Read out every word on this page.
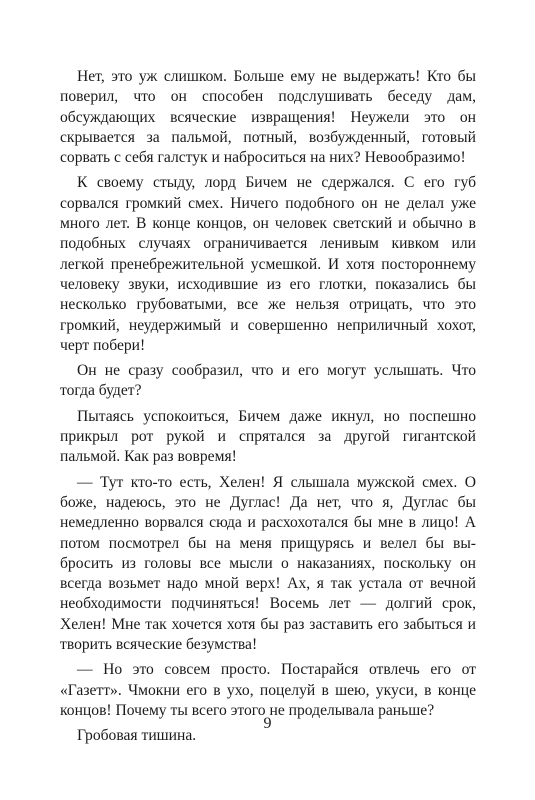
Нет, это уж слишком. Больше ему не выдержать! Кто бы поверил, что он способен подслушивать беседу дам, обсуждающих всяческие извращения! Неужели это он скрывается за пальмой, потный, возбужденный, готовый сорвать с себя галстук и наброситься на них? Невообразимо!

К своему стыду, лорд Бичем не сдержался. С его губ сорвался громкий смех. Ничего подобного он не делал уже много лет. В конце концов, он человек светский и обычно в подобных случаях ограничивается ленивым кивком или легкой пренебрежительной усмешкой. И хотя постороннему человеку звуки, исходившие из его глотки, показались бы несколько грубоватыми, все же нельзя отрицать, что это громкий, неудержимый и совершенно неприличный хохот, черт побери!

Он не сразу сообразил, что и его могут услышать. Что тогда будет?

Пытаясь успокоиться, Бичем даже икнул, но поспешно прикрыл рот рукой и спрятался за другой гигантской пальмой. Как раз вовремя!

— Тут кто-то есть, Хелен! Я слышала мужской смех. О боже, надеюсь, это не Дуглас! Да нет, что я, Дуглас бы немедленно ворвался сюда и расхохотался бы мне в лицо! А потом посмотрел бы на меня прищурясь и велел бы выбросить из головы все мысли о наказаниях, поскольку он всегда возьмет надо мной верх! Ах, я так устала от вечной необходимости подчиняться! Восемь лет — долгий срок, Хелен! Мне так хочется хотя бы раз заставить его забыться и творить всяческие безумства!

— Но это совсем просто. Постарайся отвлечь его от «Газетт». Чмокни его в ухо, поцелуй в шею, укуси, в конце концов! Почему ты всего этого не проделывала раньше?

Гробовая тишина.

9
